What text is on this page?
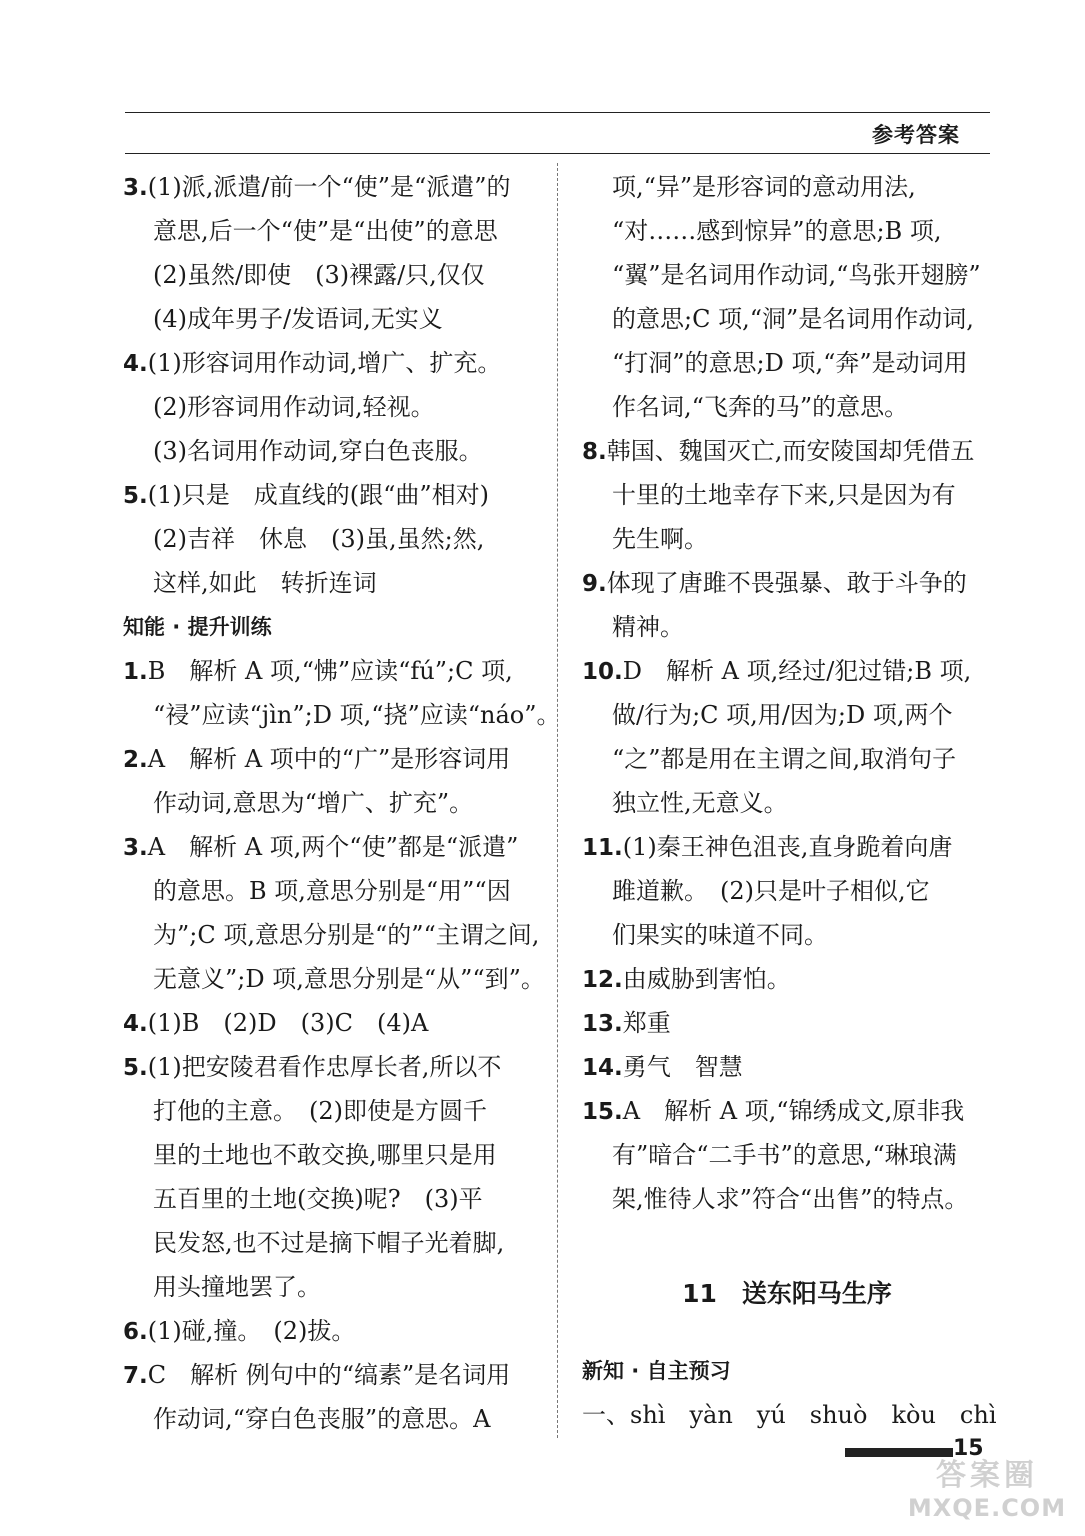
参考答案
3.(1)派,派遣/前一个“使”是“派遣”的
意思,后一个“使”是“出使”的意思
(2)虽然/即使　(3)裸露/只,仅仅
(4)成年男子/发语词,无实义
4.(1)形容词用作动词,增广、扩充。
(2)形容词用作动词,轻视。
(3)名词用作动词,穿白色丧服。
5.(1)只是　成直线的(跟“曲”相对)
(2)吉祥　休息　(3)虽,虽然;然,
这样,如此　转折连词
知能 · 提升训练
1.B　解析 A 项,“怫”应读“fú”;C 项,
“祲”应读“jìn”;D 项,“挠”应读“náo”。
2.A　解析 A 项中的“广”是形容词用
作动词,意思为“增广、扩充”。
3.A　解析 A 项,两个“使”都是“派遣”
的意思。B 项,意思分别是“用”“因
为”;C 项,意思分别是“的”“主谓之间,
无意义”;D 项,意思分别是“从”“到”。
4.(1)B　(2)D　(3)C　(4)A
5.(1)把安陵君看作忠厚长者,所以不
打他的主意。　(2)即使是方圆千
里的土地也不敢交换,哪里只是用
五百里的土地(交换)呢?　(3)平
民发怒,也不过是摘下帽子光着脚,
用头撞地罢了。
6.(1)碰,撞。　(2)拔。
7.C　解析 例句中的“缟素”是名词用
作动词,“穿白色丧服”的意思。A
项,“异”是形容词的意动用法,
“对……感到惊异”的意思;B 项,
“翼”是名词用作动词,“鸟张开翅膀”
的意思;C 项,“洞”是名词用作动词,
“打洞”的意思;D 项,“奔”是动词用
作名词,“飞奔的马”的意思。
8.韩国、魏国灭亡,而安陵国却凭借五
十里的土地幸存下来,只是因为有
先生啊。
9.体现了唐雎不畏强暴、敢于斗争的
精神。
10.D　解析 A 项,经过/犯过错;B 项,
做/行为;C 项,用/因为;D 项,两个
“之”都是用在主谓之间,取消句子
独立性,无意义。
11.(1)秦王神色沮丧,直身跪着向唐
雎道歉。　(2)只是叶子相似,它
们果实的味道不同。
12.由威胁到害怕。
13.郑重
14.勇气　智慧
15.A　解析 A 项,“锦绣成文,原非我
有”暗合“二手书”的意思,“琳琅满
架,惟待人求”符合“出售”的特点。
11　送东阳马生序
新知 · 自主预习
一、shì　yàn　yú　shuò　kòu　chì
15
答案圈
MXQE.COM
